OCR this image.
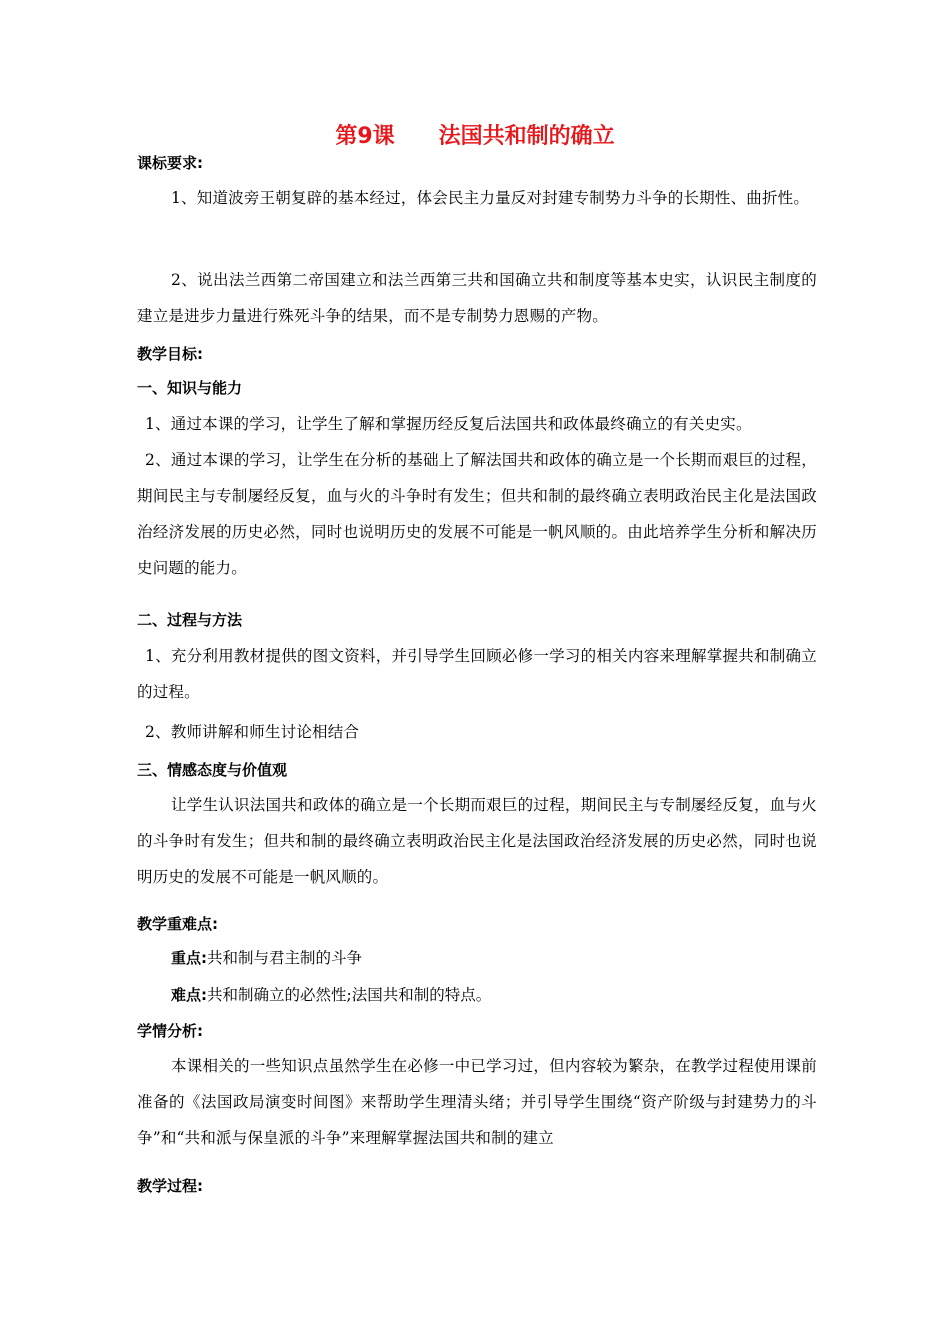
第9课　　法国共和制的确立
课标要求:
1、知道波旁王朝复辟的基本经过，体会民主力量反对封建专制势力斗争的长期性、曲折性。
2、说出法兰西第二帝国建立和法兰西第三共和国确立共和制度等基本史实，认识民主制度的建立是进步力量进行殊死斗争的结果，而不是专制势力恩赐的产物。
教学目标:
一、知识与能力
1、通过本课的学习，让学生了解和掌握历经反复后法国共和政体最终确立的有关史实。
2、通过本课的学习，让学生在分析的基础上了解法国共和政体的确立是一个长期而艰巨的过程，期间民主与专制屡经反复，血与火的斗争时有发生；但共和制的最终确立表明政治民主化是法国政治经济发展的历史必然，同时也说明历史的发展不可能是一帆风顺的。由此培养学生分析和解决历史问题的能力。
二、过程与方法
1、充分利用教材提供的图文资料，并引导学生回顾必修一学习的相关内容来理解掌握共和制确立的过程。
2、教师讲解和师生讨论相结合
三、情感态度与价值观
让学生认识法国共和政体的确立是一个长期而艰巨的过程，期间民主与专制屡经反复，血与火的斗争时有发生；但共和制的最终确立表明政治民主化是法国政治经济发展的历史必然，同时也说明历史的发展不可能是一帆风顺的。
教学重难点:
重点:共和制与君主制的斗争
难点:共和制确立的必然性;法国共和制的特点。
学情分析:
本课相关的一些知识点虽然学生在必修一中已学习过，但内容较为繁杂，在教学过程使用课前准备的《法国政局演变时间图》来帮助学生理清头绪；并引导学生围绕“资产阶级与封建势力的斗争”和“共和派与保皇派的斗争”来理解掌握法国共和制的建立
教学过程:
